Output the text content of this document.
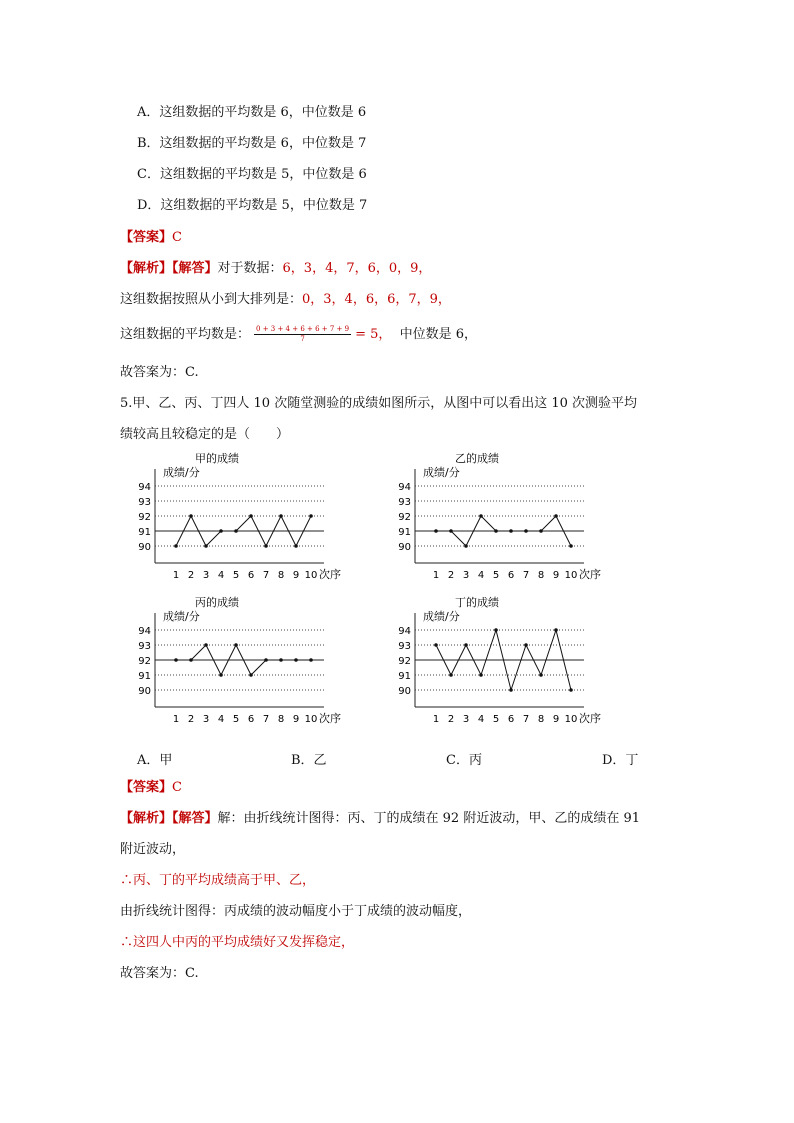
A．这组数据的平均数是 6，中位数是 6
B．这组数据的平均数是 6，中位数是 7
C．这组数据的平均数是 5，中位数是 6
D．这组数据的平均数是 5，中位数是 7
【答案】C
【解析】【解答】对于数据：6，3，4，7，6，0，9，
这组数据按照从小到大排列是：0，3，4，6，6，7，9，
这组数据的平均数是： $\frac{0 + 3 + 4 + 6 + 6 + 7 + 9}{7} = 5$， 中位数是 6，
故答案为：C.
5.甲、乙、丙、丁四人 10 次随堂测验的成绩如图所示，从图中可以看出这 10 次测验平均
绩较高且较稳定的是（　　）
甲的成绩
成绩/分
90
91
92
93
94
1 2 3 4 5 6 7 8 9 10 次序
乙的成绩
成绩/分
90
91
92
93
94
1 2 3 4 5 6 7 8 9 10 次序
丙的成绩
成绩/分
90
91
92
93
94
1 2 3 4 5 6 7 8 9 10 次序
丁的成绩
成绩/分
90
91
92
93
94
1 2 3 4 5 6 7 8 9 10 次序
A．甲	B．乙	C．丙	D．丁
【答案】C
【解析】【解答】解：由折线统计图得：丙、丁的成绩在 92 附近波动，甲、乙的成绩在 91
附近波动，
∴丙、丁的平均成绩高于甲、乙，
由折线统计图得：丙成绩的波动幅度小于丁成绩的波动幅度，
∴这四人中丙的平均成绩好又发挥稳定，
故答案为：C.
